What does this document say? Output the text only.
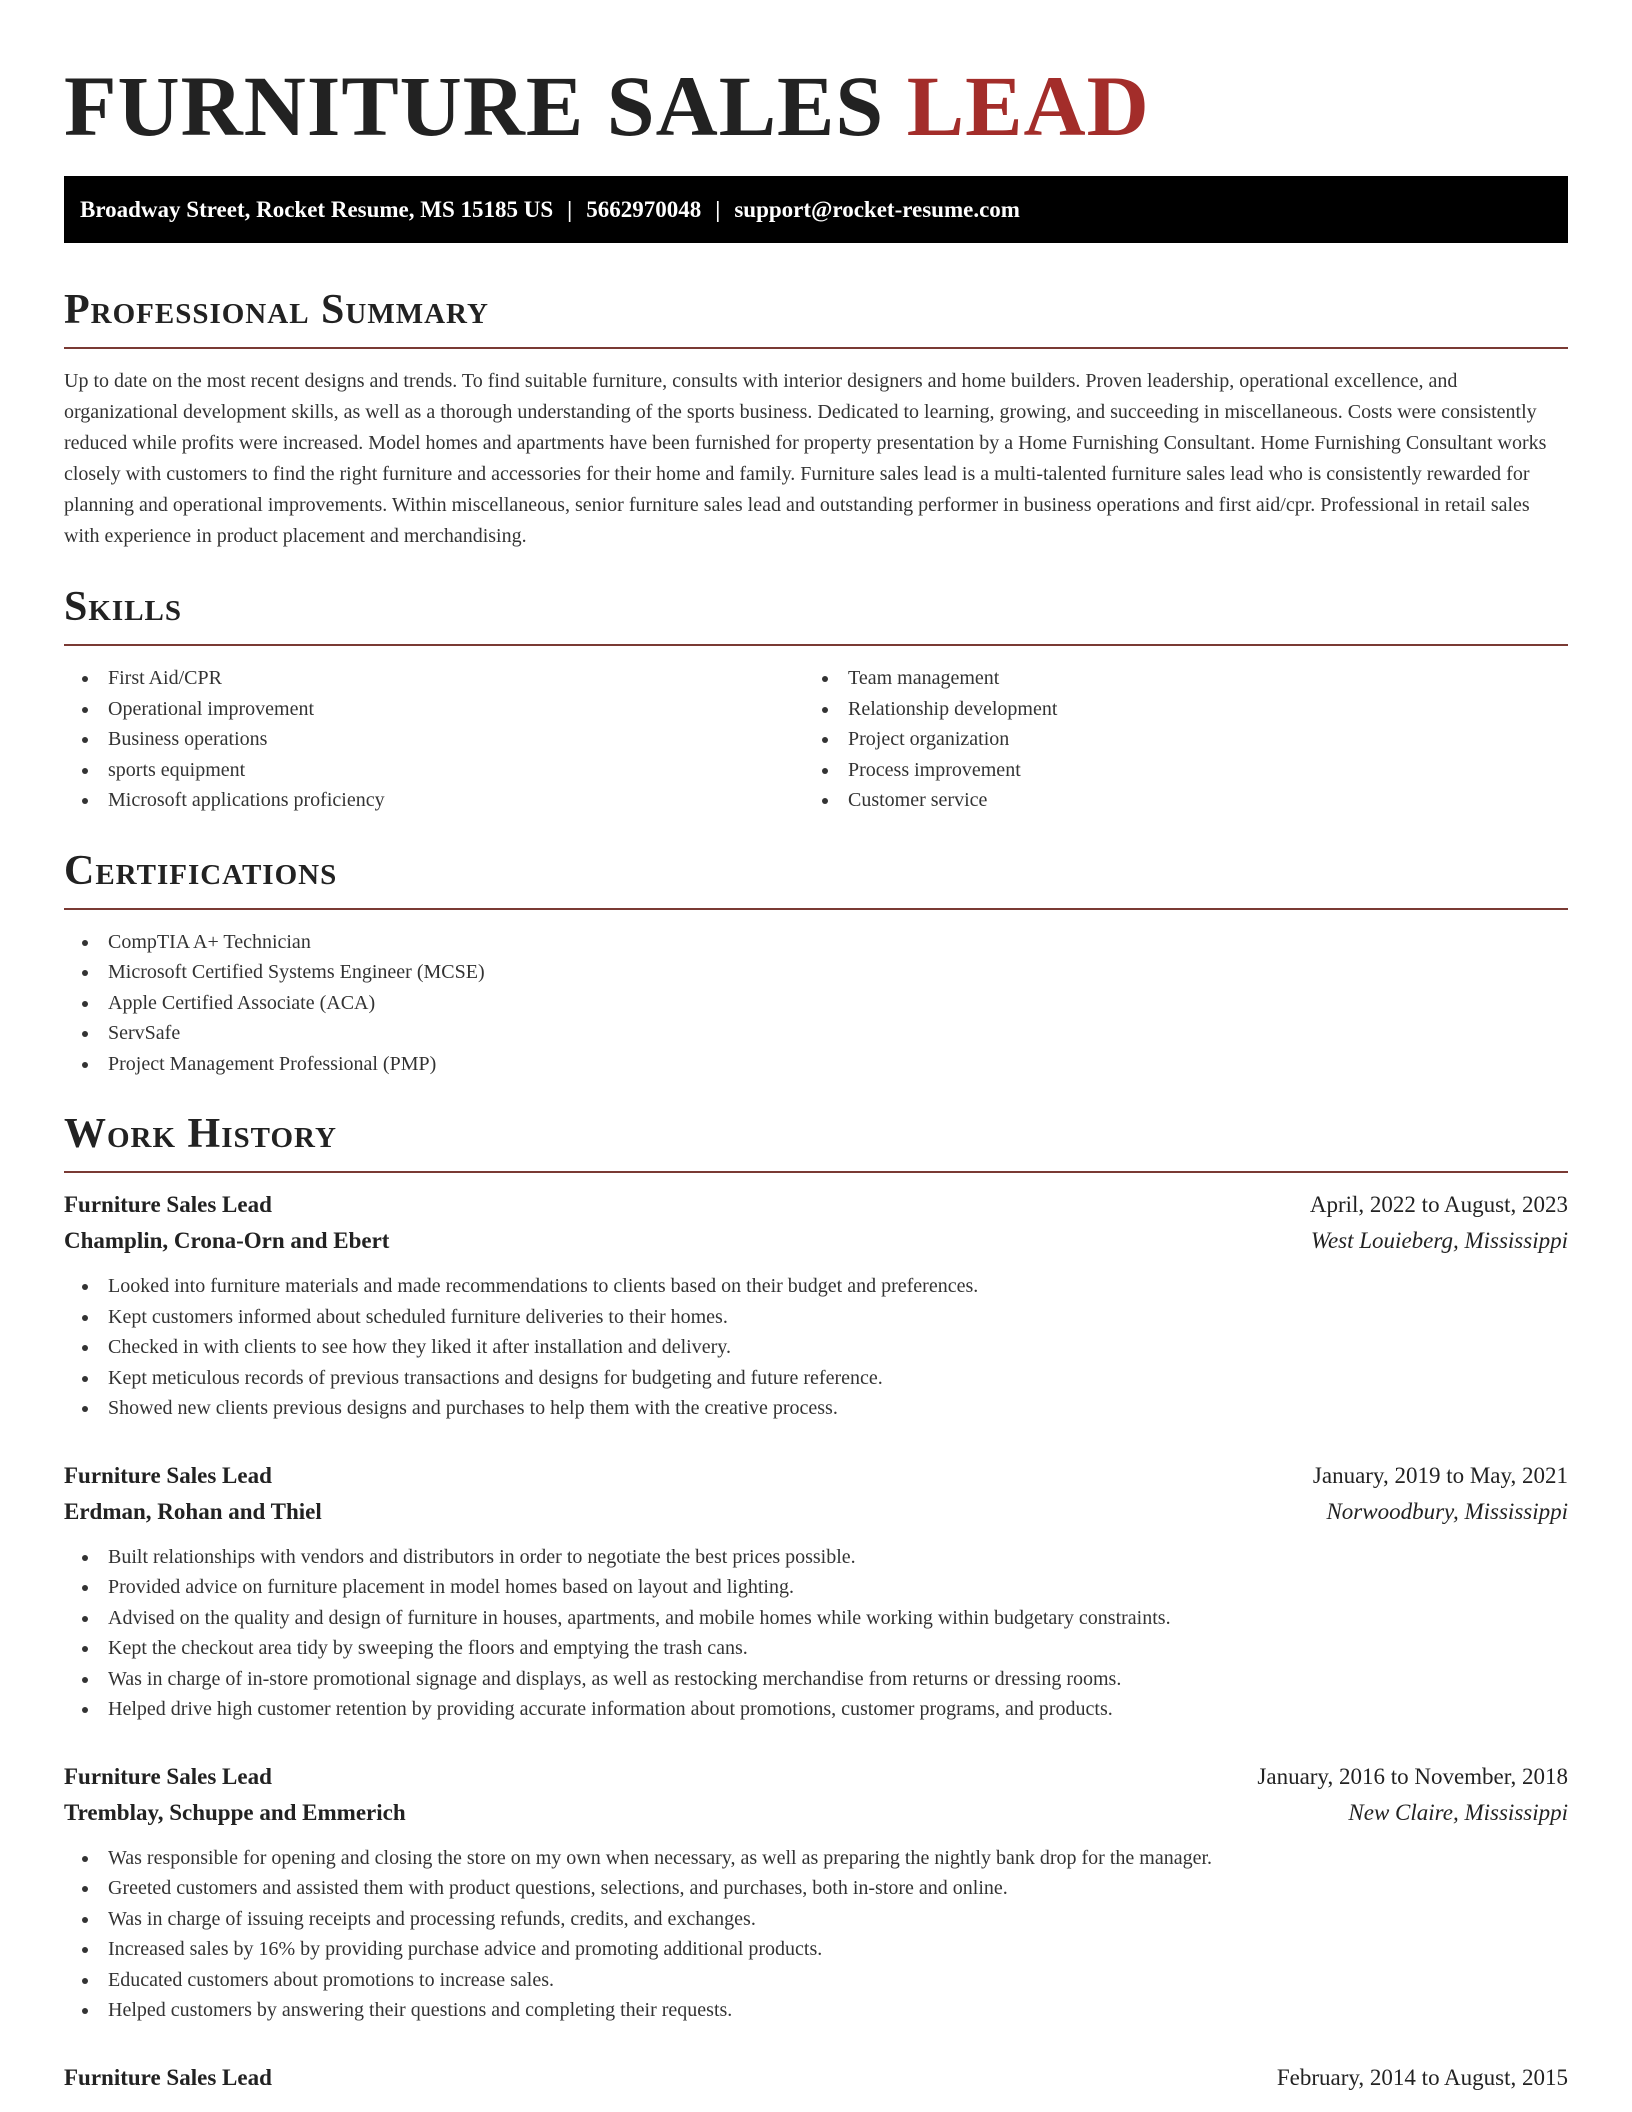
FURNITURE SALES LEAD
Broadway Street, Rocket Resume, MS 15185 US | 5662970048 | support@rocket-resume.com
Professional Summary

Up to date on the most recent designs and trends. To find suitable furniture, consults with interior designers and home builders. Proven leadership, operational excellence, and organizational development skills, as well as a thorough understanding of the sports business. Dedicated to learning, growing, and succeeding in miscellaneous. Costs were consistently reduced while profits were increased. Model homes and apartments have been furnished for property presentation by a Home Furnishing Consultant. Home Furnishing Consultant works closely with customers to find the right furniture and accessories for their home and family. Furniture sales lead is a multi-talented furniture sales lead who is consistently rewarded for planning and operational improvements. Within miscellaneous, senior furniture sales lead and outstanding performer in business operations and first aid/cpr. Professional in retail sales with experience in product placement and merchandising.

Skills
First Aid/CPR
Operational improvement
Business operations
sports equipment
Microsoft applications proficiency
Team management
Relationship development
Project organization
Process improvement
Customer service
Certifications
CompTIA A+ Technician
Microsoft Certified Systems Engineer (MCSE)
Apple Certified Associate (ACA)
ServSafe
Project Management Professional (PMP)
Work History
Furniture Sales Lead	April, 2022 to August, 2023
Champlin, Crona-Orn and Ebert	West Louieberg, Mississippi
Looked into furniture materials and made recommendations to clients based on their budget and preferences.
Kept customers informed about scheduled furniture deliveries to their homes.
Checked in with clients to see how they liked it after installation and delivery.
Kept meticulous records of previous transactions and designs for budgeting and future reference.
Showed new clients previous designs and purchases to help them with the creative process.
Furniture Sales Lead	January, 2019 to May, 2021
Erdman, Rohan and Thiel	Norwoodbury, Mississippi
Built relationships with vendors and distributors in order to negotiate the best prices possible.
Provided advice on furniture placement in model homes based on layout and lighting.
Advised on the quality and design of furniture in houses, apartments, and mobile homes while working within budgetary constraints.
Kept the checkout area tidy by sweeping the floors and emptying the trash cans.
Was in charge of in-store promotional signage and displays, as well as restocking merchandise from returns or dressing rooms.
Helped drive high customer retention by providing accurate information about promotions, customer programs, and products.
Furniture Sales Lead	January, 2016 to November, 2018
Tremblay, Schuppe and Emmerich	New Claire, Mississippi
Was responsible for opening and closing the store on my own when necessary, as well as preparing the nightly bank drop for the manager.
Greeted customers and assisted them with product questions, selections, and purchases, both in-store and online.
Was in charge of issuing receipts and processing refunds, credits, and exchanges.
Increased sales by 16% by providing purchase advice and promoting additional products.
Educated customers about promotions to increase sales.
Helped customers by answering their questions and completing their requests.
Furniture Sales Lead	February, 2014 to August, 2015
